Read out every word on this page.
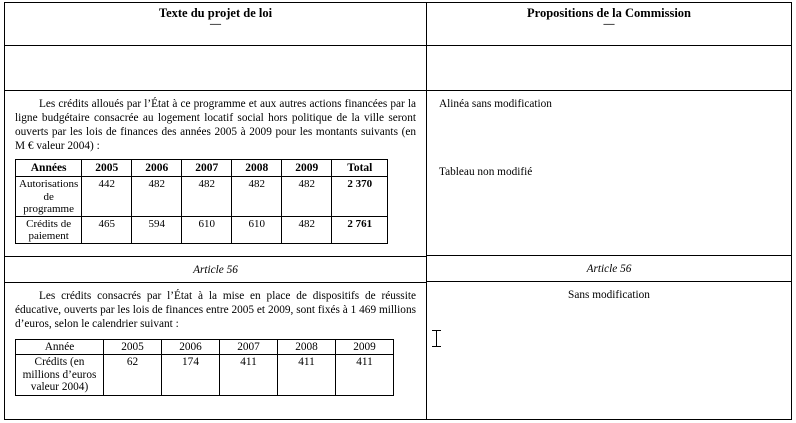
Texte du projet de loi
—
Les crédits alloués par l’État à ce programme et aux autres actions financées par la ligne budgétaire consacrée au logement locatif social hors politique de la ville seront ouverts par les lois de finances des années 2005 à 2009 pour les montants suivants (en M € valeur 2004) :
Années	2005	2006	2007	2008	2009	Total
Autorisations de programme	442	482	482	482	482	2 370
Crédits de paiement	465	594	610	610	482	2 761
Article 56
Les crédits consacrés par l’État à la mise en place de dispositifs de réussite éducative, ouverts par les lois de finances entre 2005 et 2009, sont fixés à 1 469 millions d’euros, selon le calendrier suivant :
Année	2005	2006	2007	2008	2009
Crédits (en millions d’euros valeur 2004)	62	174	411	411	411
Propositions de la Commission
—
Alinéa sans modification
Tableau non modifié
Article 56
Sans modification
